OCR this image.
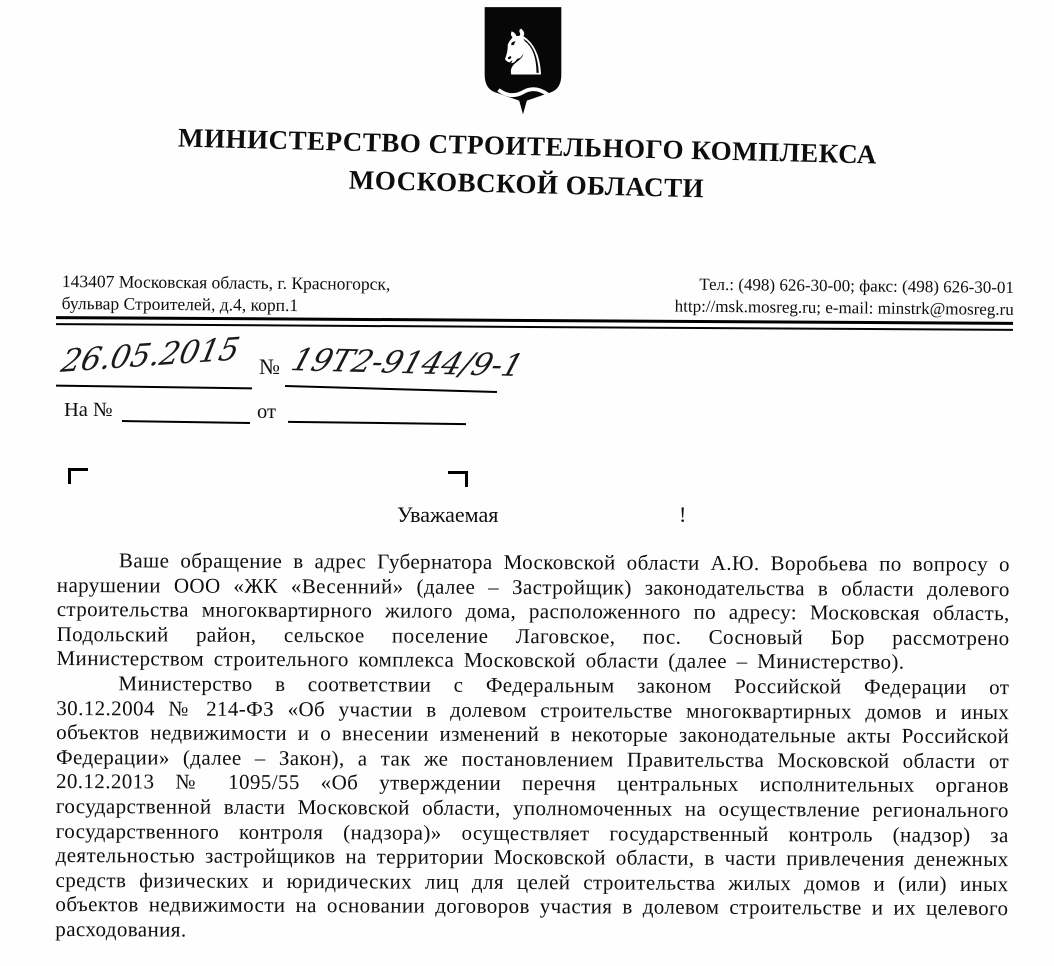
♞
МИНИСТЕРСТВО СТРОИТЕЛЬНОГО КОМПЛЕКСА
МОСКОВСКОЙ ОБЛАСТИ
143407 Московская область, г. Красногорск,
бульвар Строителей, д.4, корп.1
Тел.: (498) 626-30-00; факс: (498) 626-30-01
http://msk.mosreg.ru; e-mail: minstrk@mosreg.ru
26.05.2015 № 19Т2-9144/9-1
На №	от
Уважаемая	!

Ваше обращение в адрес Губернатора Московской области А.Ю. Воробьева по вопросу о нарушении ООО «ЖК «Весенний» (далее – Застройщик) законодательства в области долевого строительства многоквартирного жилого дома, расположенного по адресу: Московская область, Подольский район, сельское поселение Лаговское, пос. Сосновый Бор рассмотрено Министерством строительного комплекса Московской области (далее – Министерство).

Министерство в соответствии с Федеральным законом Российской Федерации от 30.12.2004 № 214-ФЗ «Об участии в долевом строительстве многоквартирных домов и иных объектов недвижимости и о внесении изменений в некоторые законодательные акты Российской Федерации» (далее – Закон), а так же постановлением Правительства Московской области от 20.12.2013 № 1095/55 «Об утверждении перечня центральных исполнительных органов государственной власти Московской области, уполномоченных на осуществление регионального государственного контроля (надзора)» осуществляет государственный контроль (надзор) за деятельностью застройщиков на территории Московской области, в части привлечения денежных средств физических и юридических лиц для целей строительства жилых домов и (или) иных объектов недвижимости на основании договоров участия в долевом строительстве и их целевого расходования.
